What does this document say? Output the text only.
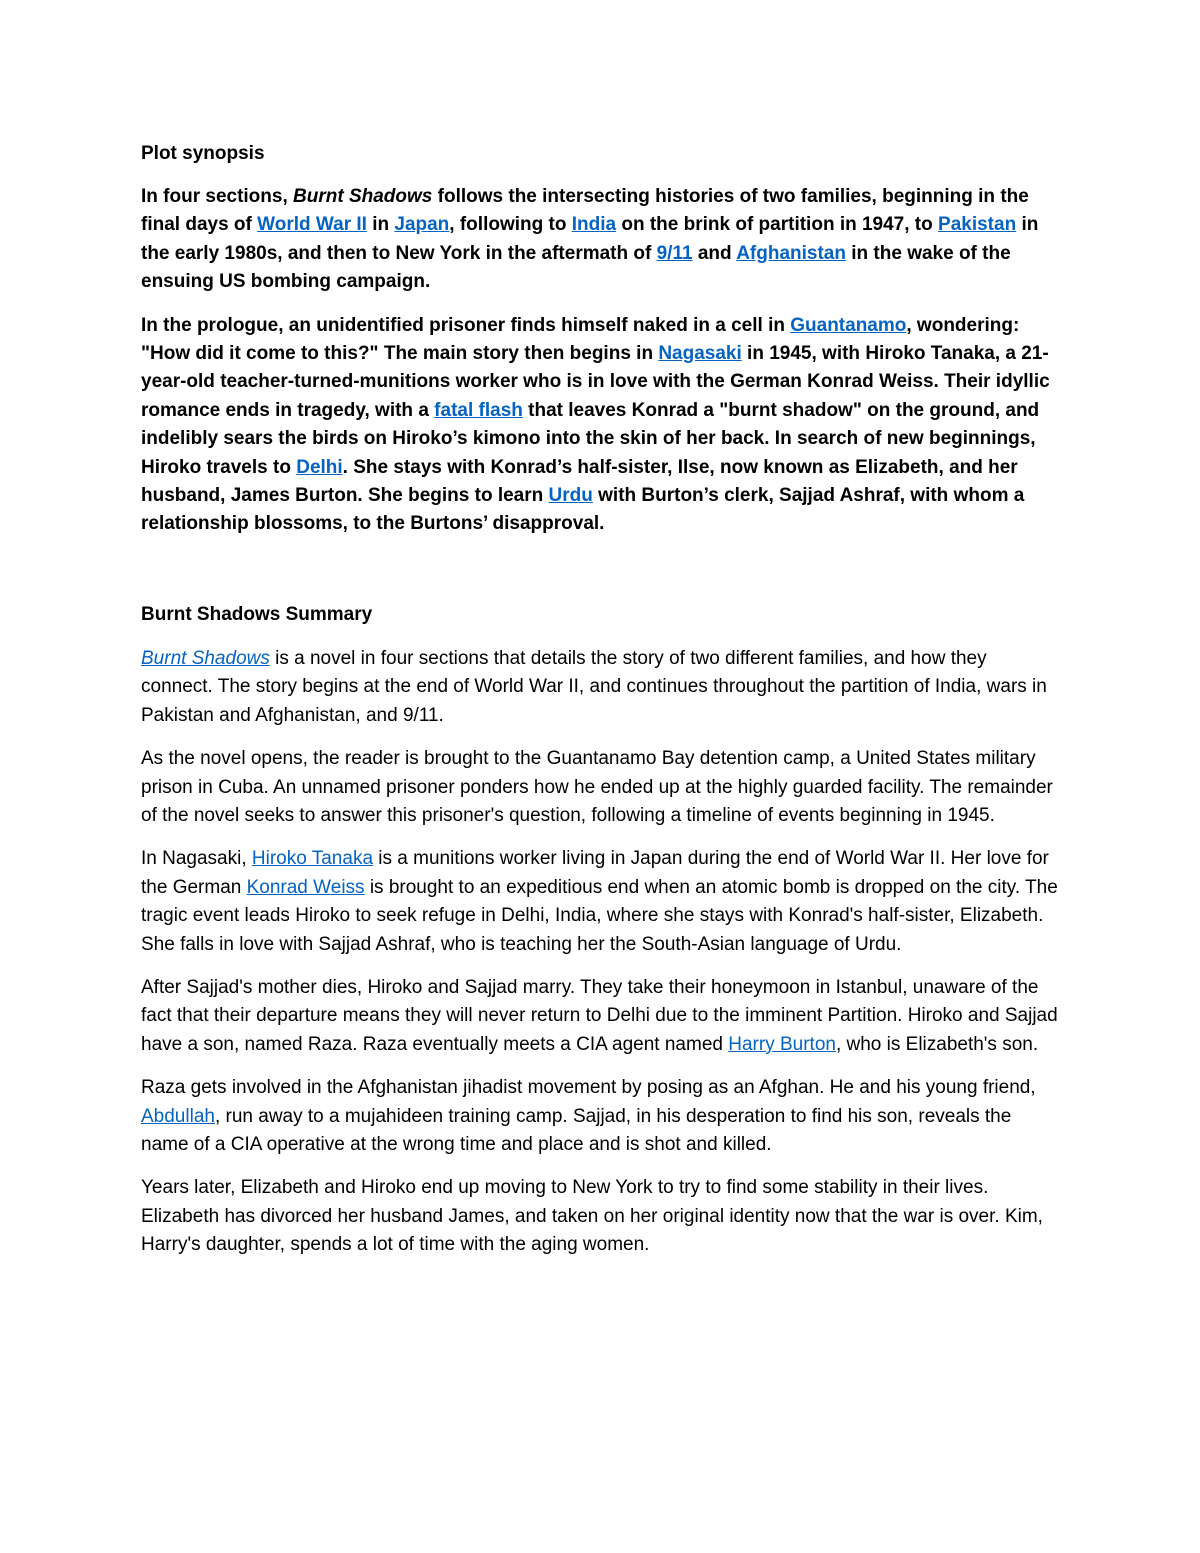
Plot synopsis

In four sections, Burnt Shadows follows the intersecting histories of two families, beginning in the final days of World War II in Japan, following to India on the brink of partition in 1947, to Pakistan in the early 1980s, and then to New York in the aftermath of 9/11 and Afghanistan in the wake of the ensuing US bombing campaign.

In the prologue, an unidentified prisoner finds himself naked in a cell in Guantanamo, wondering: "How did it come to this?" The main story then begins in Nagasaki in 1945, with Hiroko Tanaka, a 21-year-old teacher-turned-munitions worker who is in love with the German Konrad Weiss. Their idyllic romance ends in tragedy, with a fatal flash that leaves Konrad a "burnt shadow" on the ground, and indelibly sears the birds on Hiroko’s kimono into the skin of her back. In search of new beginnings, Hiroko travels to Delhi. She stays with Konrad’s half-sister, Ilse, now known as Elizabeth, and her husband, James Burton. She begins to learn Urdu with Burton’s clerk, Sajjad Ashraf, with whom a relationship blossoms, to the Burtons’ disapproval.

Burnt Shadows Summary

Burnt Shadows is a novel in four sections that details the story of two different families, and how they connect. The story begins at the end of World War II, and continues throughout the partition of India, wars in Pakistan and Afghanistan, and 9/11.

As the novel opens, the reader is brought to the Guantanamo Bay detention camp, a United States military prison in Cuba. An unnamed prisoner ponders how he ended up at the highly guarded facility. The remainder of the novel seeks to answer this prisoner's question, following a timeline of events beginning in 1945.

In Nagasaki, Hiroko Tanaka is a munitions worker living in Japan during the end of World War II. Her love for the German Konrad Weiss is brought to an expeditious end when an atomic bomb is dropped on the city. The tragic event leads Hiroko to seek refuge in Delhi, India, where she stays with Konrad's half-sister, Elizabeth. She falls in love with Sajjad Ashraf, who is teaching her the South-Asian language of Urdu.

After Sajjad's mother dies, Hiroko and Sajjad marry. They take their honeymoon in Istanbul, unaware of the fact that their departure means they will never return to Delhi due to the imminent Partition. Hiroko and Sajjad have a son, named Raza. Raza eventually meets a CIA agent named Harry Burton, who is Elizabeth's son.

Raza gets involved in the Afghanistan jihadist movement by posing as an Afghan. He and his young friend, Abdullah, run away to a mujahideen training camp. Sajjad, in his desperation to find his son, reveals the name of a CIA operative at the wrong time and place and is shot and killed.

Years later, Elizabeth and Hiroko end up moving to New York to try to find some stability in their lives. Elizabeth has divorced her husband James, and taken on her original identity now that the war is over. Kim, Harry's daughter, spends a lot of time with the aging women.
